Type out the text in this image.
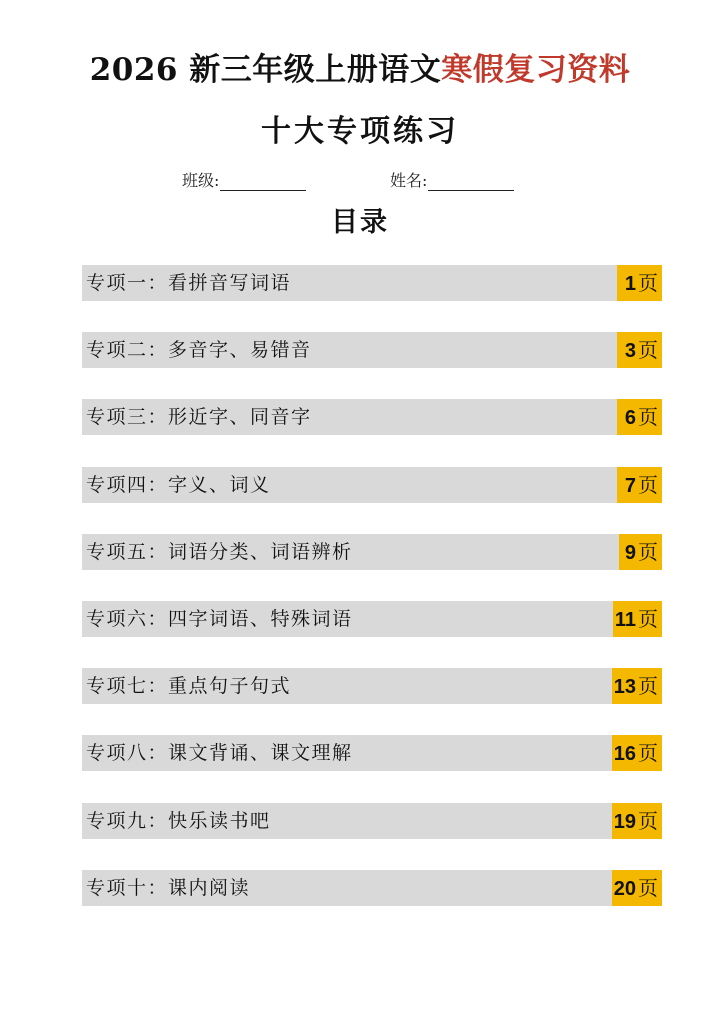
2026 新三年级上册语文寒假复习资料
十大专项练习
班级:	姓名:
目录
专项一：看拼音写词语	1 页
专项二：多音字、易错音	3 页
专项三：形近字、同音字	6 页
专项四：字义、词义	7 页
专项五：词语分类、词语辨析	9 页
专项六：四字词语、特殊词语	11 页
专项七：重点句子句式	13 页
专项八：课文背诵、课文理解	16 页
专项九：快乐读书吧	19 页
专项十：课内阅读	20 页
